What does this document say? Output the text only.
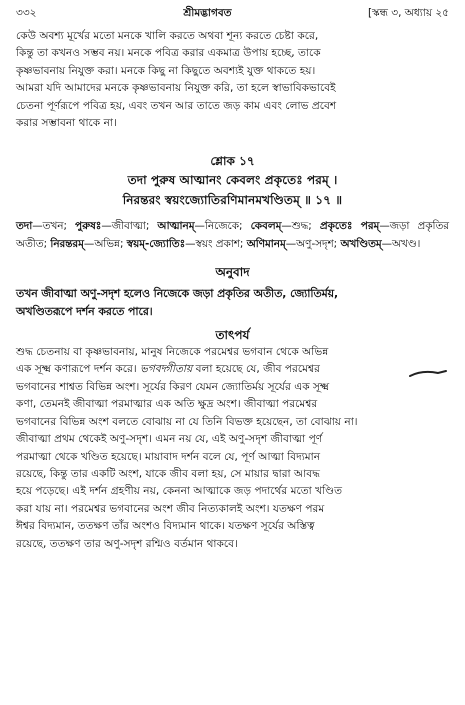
৩৩২	শ্রীমদ্ভাগবত	[স্কন্ধ ৩, অধ্যায় ২৫

কেউ অবশ্য মূর্খের মতো মনকে খালি করতে অথবা শূন্য করতে চেষ্টা করে,

কিন্তু তা কখনও সম্ভব নয়। মনকে পবিত্র করার একমাত্র উপায় হচ্ছে, তাকে

কৃষ্ণভাবনায় নিযুক্ত করা। মনকে কিছু না কিছুতে অবশ্যই যুক্ত থাকতে হয়।

আমরা যদি আমাদের মনকে কৃষ্ণভাবনায় নিযুক্ত করি, তা হলে স্বাভাবিকভাবেই

চেতনা পূর্ণরূপে পবিত্র হয়, এবং তখন আর তাতে জড় কাম এবং লোভ প্রবেশ

করার সম্ভাবনা থাকে না।

শ্লোক ১৭
তদা পুরুষ আত্মানং কেবলং প্রকৃতেঃ পরম্ ।
নিরন্তরং স্বয়ংজ্যোতিরণিমানমখণ্ডিতম্ ॥ ১৭ ॥
তদা—তখন; পুরুষঃ—জীবাত্মা; আত্মানম্—নিজেকে; কেবলম্—শুদ্ধ; প্রকৃতেঃ পরম্—জড়া প্রকৃতির অতীত; নিরন্তরম্—অভিন্ন; স্বয়ম্-জ্যোতিঃ—স্বয়ং প্রকাশ; অণিমানম্—অণু-সদৃশ; অখণ্ডিতম্—অখণ্ড।
অনুবাদ

তখন জীবাত্মা অণু-সদৃশ হলেও নিজেকে জড়া প্রকৃতির অতীত, জ্যোতির্ময়,

অখণ্ডিতরূপে দর্শন করতে পারে।

তাৎপর্য

শুদ্ধ চেতনায় বা কৃষ্ণভাবনায়, মানুষ নিজেকে পরমেশ্বর ভগবান থেকে অভিন্ন

এক সূক্ষ্ম কণারূপে দর্শন করে। ভগবদ্গীতায় বলা হয়েছে যে, জীব পরমেশ্বর

ভগবানের শাশ্বত বিভিন্ন অংশ। সূর্যের কিরণ যেমন জ্যোতির্ময় সূর্যের এক সূক্ষ্ম

কণা, তেমনই জীবাত্মা পরমাত্মার এক অতি ক্ষুদ্র অংশ। জীবাত্মা পরমেশ্বর

ভগবানের বিভিন্ন অংশ বলতে বোঝায় না যে তিনি বিভক্ত হয়েছেন, তা বোঝায় না।

জীবাত্মা প্রথম থেকেই অণু-সদৃশ। এমন নয় যে, এই অণু-সদৃশ জীবাত্মা পূর্ণ

পরমাত্মা থেকে খণ্ডিত হয়েছে। মায়াবাদ দর্শন বলে যে, পূর্ণ আত্মা বিদ্যমান

রয়েছে, কিন্তু তার একটি অংশ, যাকে জীব বলা হয়, সে মায়ার দ্বারা আবদ্ধ

হয়ে পড়েছে। এই দর্শন গ্রহণীয় নয়, কেননা আত্মাকে জড় পদার্থের মতো খণ্ডিত

করা যায় না। পরমেশ্বর ভগবানের অংশ জীব নিত্যকালই অংশ। যতক্ষণ পরম

ঈশ্বর বিদ্যমান, ততক্ষণ তাঁর অংশও বিদ্যমান থাকে। যতক্ষণ সূর্যের অস্তিত্ব

রয়েছে, ততক্ষণ তার অণু-সদৃশ রশ্মিও বর্তমান থাকবে।
